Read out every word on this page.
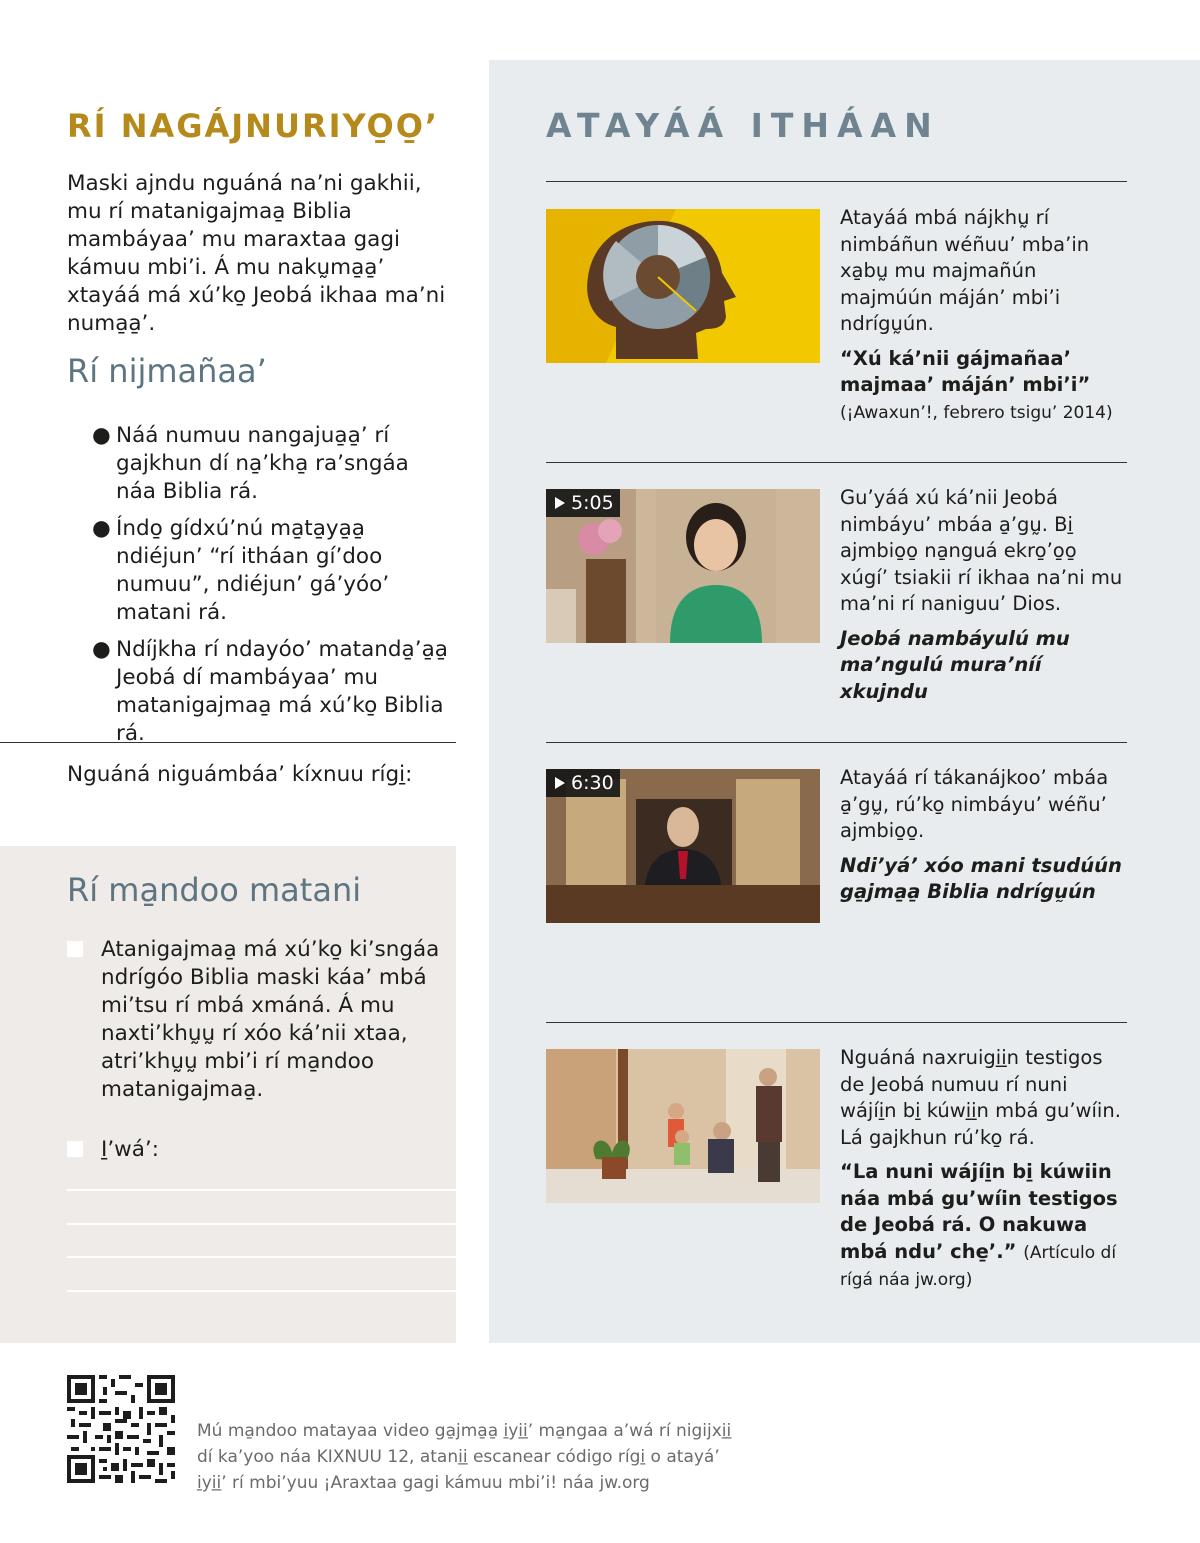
RÍ NAGÁJNURIYO̱O̱’

Maski ajndu nguáná na’ni gakhii, mu rí matanigajmaa̱ Biblia mambáyaa’ mu maraxtaa gagi kámuu mbi’i. Á mu nakṵma̱a̱’ xtayáá má xú’ko̱ Jeobá ikhaa ma’ni numa̱a̱’.

Rí nijmañaa’
● Náá numuu nangajua̱a̱’ rí gajkhun dí na̱’kha̱ ra’sngáa náa Biblia rá.
● Índo̱ gídxú’nú ma̱ta̱ya̱a̱ ndiéjun’ “rí itháan gí’doo numuu”, ndiéjun’ gá’yóo’ matani rá.
● Ndíjkha rí ndayóo’ matanda̱’a̱a̱ Jeobá dí mambáyaa’ mu matanigajmaa̱ má xú’ko̱ Biblia rá.

Nguáná niguámbáa’ kíxnuu rígi̱:

Rí ma̱ndoo matani
Atanigajmaa̱ má xú’ko̱ ki’sngáa ndrígóo Biblia maski káa’ mbá mi’tsu rí mbá xmáná. Á mu naxti’khṵṵ rí xóo ká’nii xtaa, atri’khṵṵ mbi’i rí ma̱ndoo matanigajmaa̱.
I̱’wá’:
ATAYÁÁ ITHÁAN

Atayáá mbá nájkhṵ rí nimbáñun wéñuu’ mba’in xa̱bṵ mu majmañún majmúún máján’ mbi’i ndrígṵún.

“Xú ká’nii gájmañaa’ majmaa’ máján’ mbi’i”
(¡Awaxun’!, febrero tsigu’ 2014)

5:05	Gu’yáá xú ká’nii Jeobá nimbáyu’ mbáa a̱’gṵ. Bi̱ ajmbio̱o̱ na̱nguá ekro̱’o̱o̱ xúgí’ tsiakii rí ikhaa na’ni mu ma’ni rí naniguu’ Dios.

Jeobá nambáyulú mu ma’ngulú mura’níí xkujndu

6:30	Atayáá rí tákanájkoo’ mbáa a̱’gṵ, rú’ko̱ nimbáyu’ wéñu’ ajmbio̱o̱.

Ndi’yá’ xóo mani tsudúún ga̱jma̱a̱ Biblia ndrígṵún

Nguáná naxruigi̱i̱n testigos de Jeobá numuu rí nuni wájíi̱n bi̱ kúwi̱i̱n mbá gu’wíin. Lá gajkhun rú’ko̱ rá.

“La nuni wájíi̱n bi̱ kúwiin náa mbá gu’wíin testigos de Jeobá rá. O nakuwa mbá ndu’ che̱’.” (Artículo dí rígá náa jw.org)

Mú ma̱ndoo matayaa video ga̱jma̱a̱ i̱yi̱i̱’ ma̱ngaa a’wá rí nigijxi̱i̱ dí ka’yoo náa KIXNUU 12, atani̱i̱ escanear código rígi̱ o atayá’ i̱yi̱i̱’ rí mbi’yuu ¡Araxtaa gagi kámuu mbi’i! náa jw.org
